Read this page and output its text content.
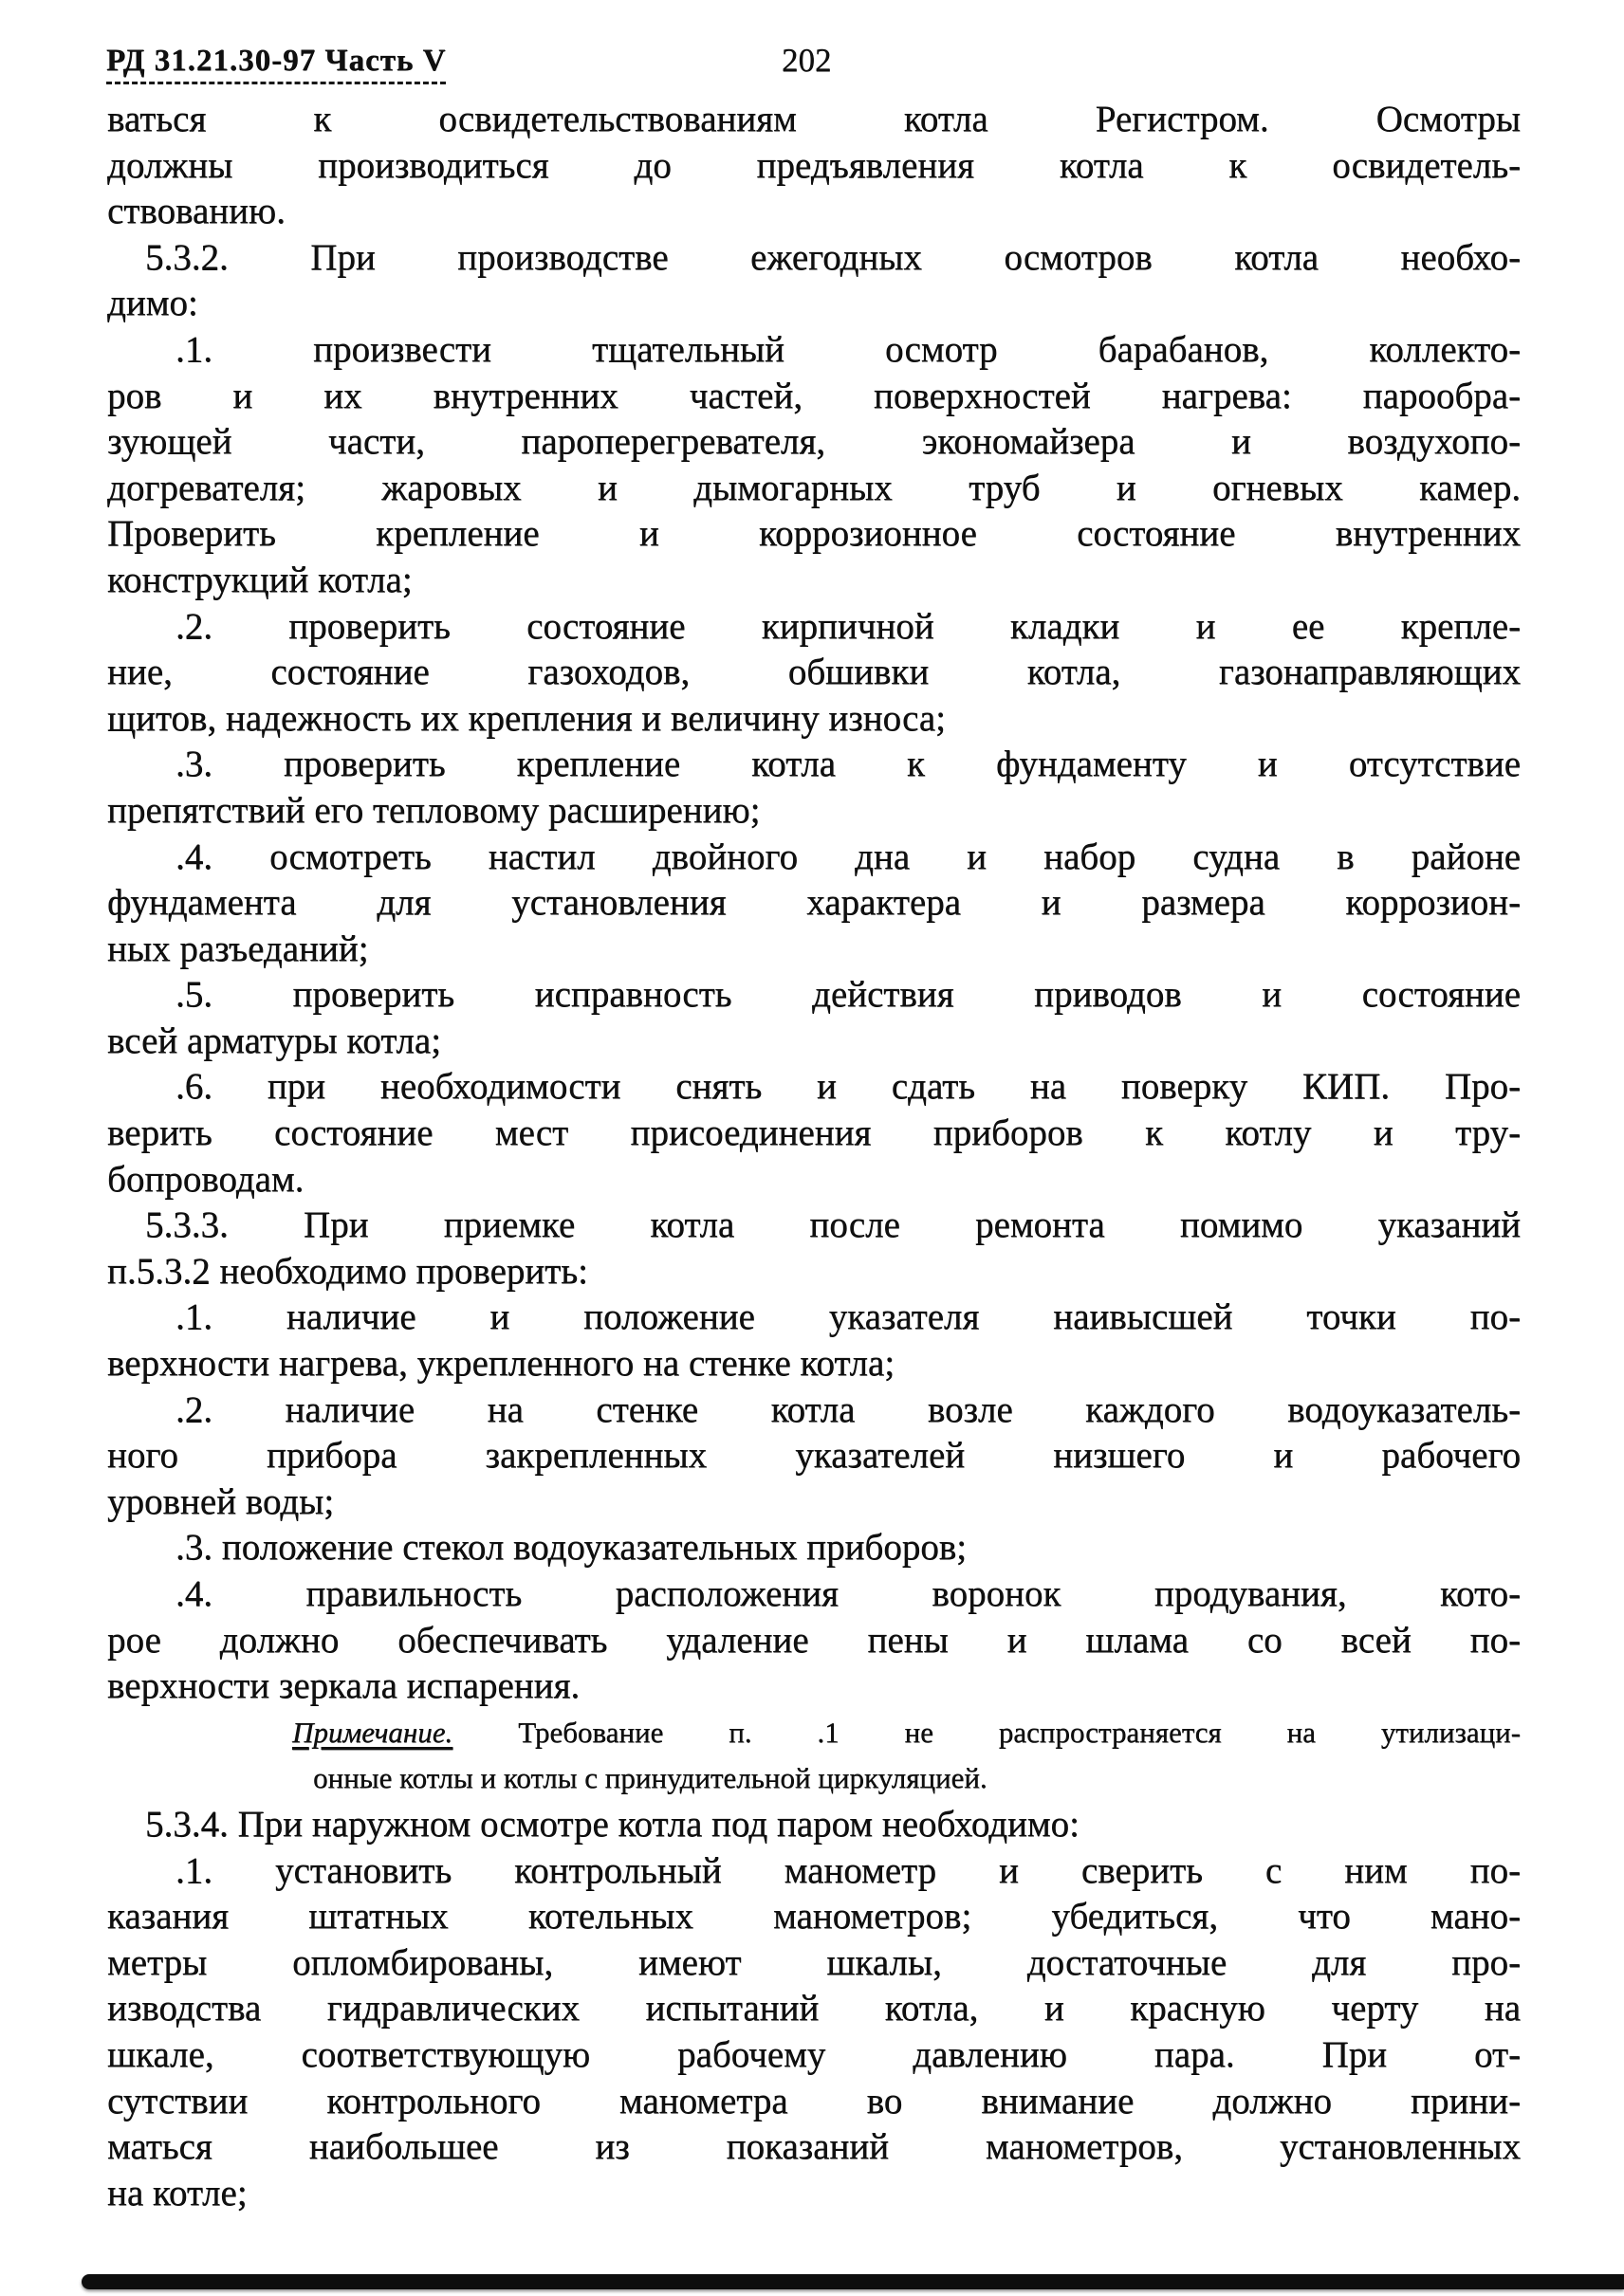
РД 31.21.30-97 Часть V	202
ваться к освидетельствованиям котла Регистром. Осмотры
должны производиться до предъявления котла к освидетель-
ствованию.
5.3.2. При производстве ежегодных осмотров котла необхо-
димо:
.1. произвести тщательный осмотр барабанов, коллекто-
ров и их внутренних частей, поверхностей нагрева: парообра-
зующей части, пароперегревателя, экономайзера и воздухопо-
догревателя; жаровых и дымогарных труб и огневых камер.
Проверить крепление и коррозионное состояние внутренних
конструкций котла;
.2. проверить состояние кирпичной кладки и ее крепле-
ние, состояние газоходов, обшивки котла, газонаправляющих
щитов, надежность их крепления и величину износа;
.3. проверить крепление котла к фундаменту и отсутствие
препятствий его тепловому расширению;
.4. осмотреть настил двойного дна и набор судна в районе
фундамента для установления характера и размера коррозион-
ных разъеданий;
.5. проверить исправность действия приводов и состояние
всей арматуры котла;
.6. при необходимости снять и сдать на поверку КИП. Про-
верить состояние мест присоединения приборов к котлу и тру-
бопроводам.
5.3.3. При приемке котла после ремонта помимо указаний
п.5.3.2 необходимо проверить:
.1. наличие и положение указателя наивысшей точки по-
верхности нагрева, укрепленного на стенке котла;
.2. наличие на стенке котла возле каждого водоуказатель-
ного прибора закрепленных указателей низшего и рабочего
уровней воды;
.3. положение стекол водоуказательных приборов;
.4. правильность расположения воронок продувания, кото-
рое должно обеспечивать удаление пены и шлама со всей по-
верхности зеркала испарения.
Примечание. Требование п. .1 не распространяется на утилизаци-
онные котлы и котлы с принудительной циркуляцией.
5.3.4. При наружном осмотре котла под паром необходимо:
.1. установить контрольный манометр и сверить с ним по-
казания штатных котельных манометров; убедиться, что мано-
метры опломбированы, имеют шкалы, достаточные для про-
изводства гидравлических испытаний котла, и красную черту на
шкале, соответствующую рабочему давлению пара. При от-
сутствии контрольного манометра во внимание должно прини-
маться наибольшее из показаний манометров, установленных
на котле;
